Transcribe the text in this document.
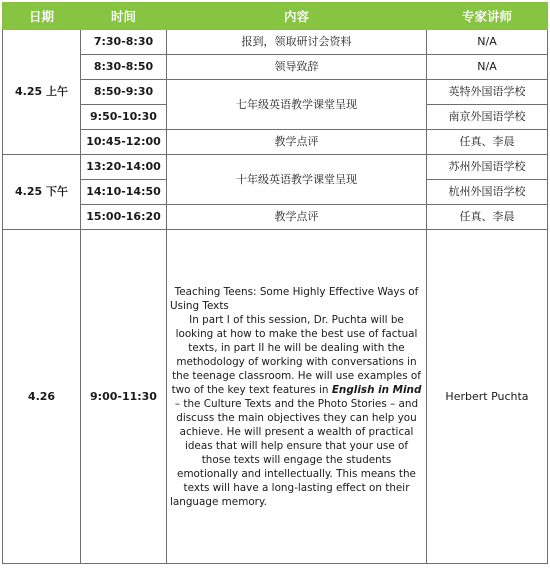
日期	时间	内容	专家讲师
4.25 上午	7:30-8:30	报到，领取研讨会资料	N/A
	8:30-8:50	领导致辞	N/A
	8:50-9:30	七年级英语教学课堂呈现	英特外国语学校
	9:50-10:30		南京外国语学校
	10:45-12:00	教学点评	任真、李晨
4.25 下午	13:20-14:00	十年级英语教学课堂呈现	苏州外国语学校
	14:10-14:50		杭州外国语学校
	15:00-16:20	教学点评	任真、李晨
4.26	9:00-11:30	Teaching Teens: Some Highly Effective Ways of Using Texts

In part I of this session, Dr. Puchta will be looking at how to make the best use of factual texts, in part II he will be dealing with the methodology of working with conversations in the teenage classroom. He will use examples of two of the key text features in English in Mind – the Culture Texts and the Photo Stories – and discuss the main objectives they can help you achieve. He will present a wealth of practical ideas that will help ensure that your use of those texts will engage the students emotionally and intellectually. This means the texts will have a long-lasting effect on their language memory.	Herbert Puchta
